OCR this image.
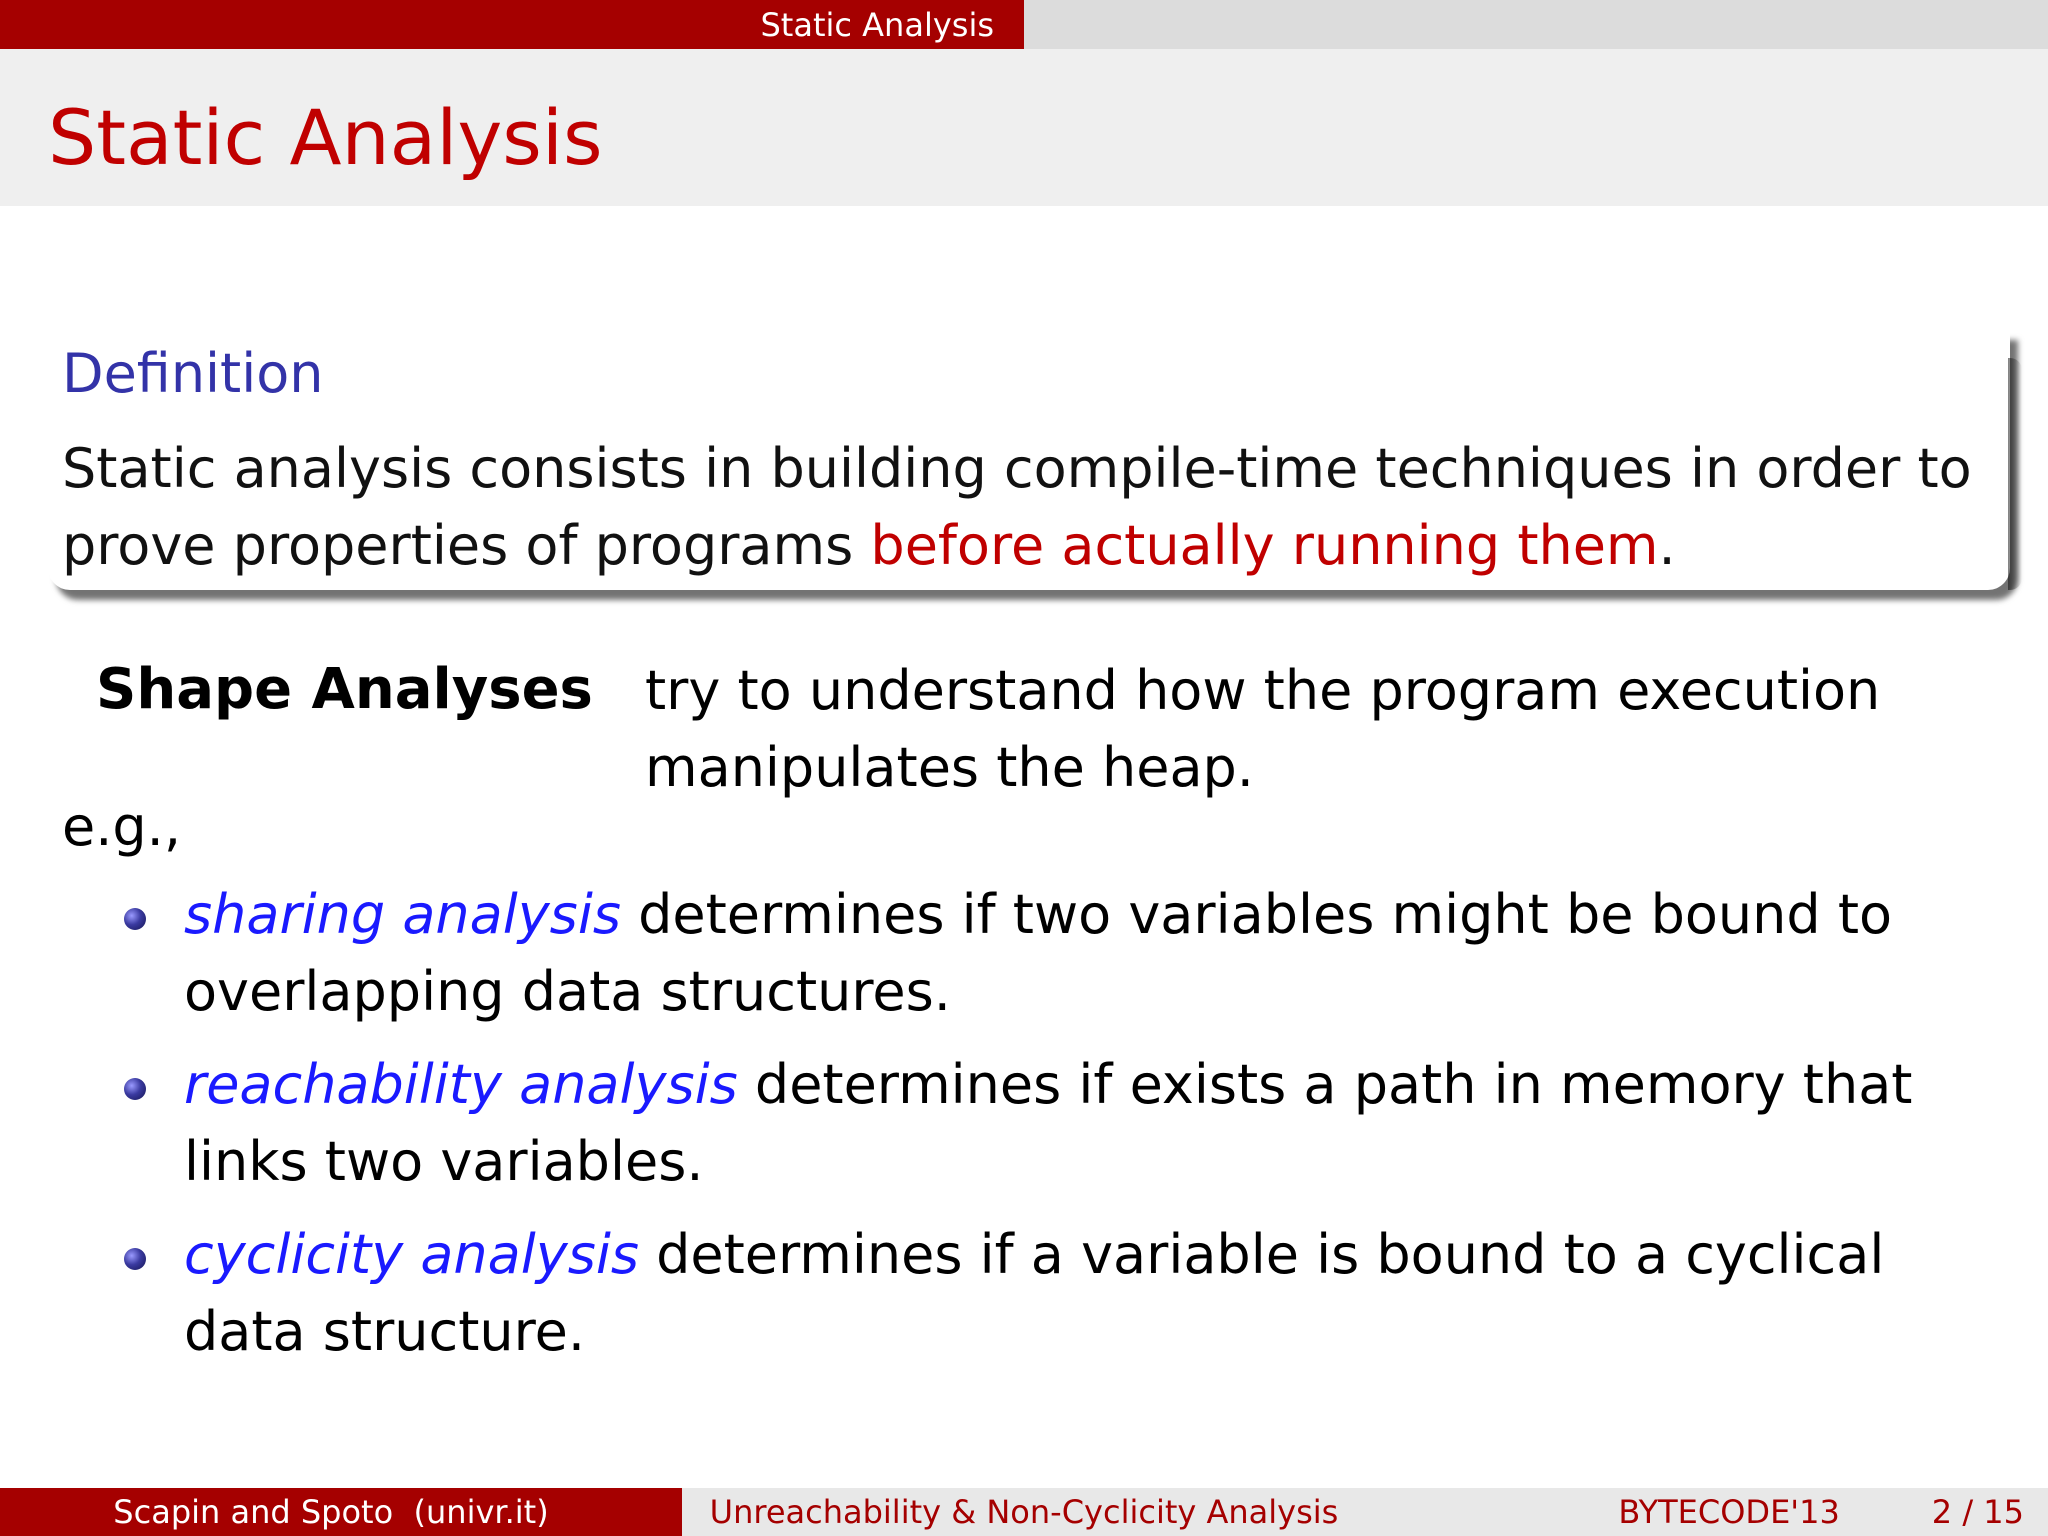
Static Analysis
Static Analysis
Definition
Static analysis consists in building compile-time techniques in order to
prove properties of programs before actually running them.
Shape Analyses try to understand how the program execution manipulates the heap.
e.g.,
sharing analysis determines if two variables might be bound to overlapping data structures.
reachability analysis determines if exists a path in memory that links two variables.
cyclicity analysis determines if a variable is bound to a cyclical data structure.
Scapin and Spoto  (univr.it)	Unreachability & Non-Cyclicity Analysis	BYTECODE'13	2 / 15
